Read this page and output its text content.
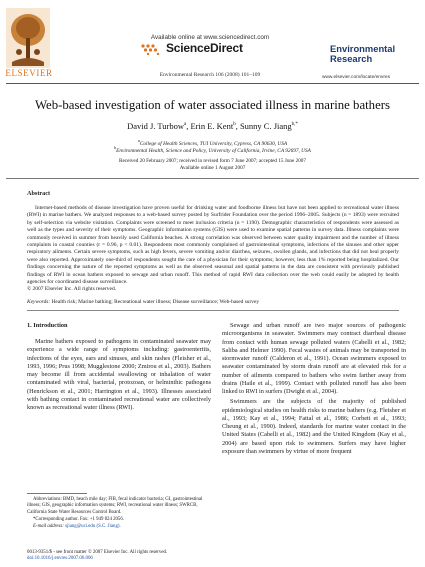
ELSEVIER
Available online at www.sciencedirect.com
ScienceDirect
Environmental Research 106 (2008) 101–109
Environmental
Research
www.elsevier.com/locate/envres
Web-based investigation of water associated illness in marine bathers
David J. Turbow$^a$, Erin E. Kent$^b$, Sunny C. Jiang$^{b,*}$
$^a$College of Health Sciences, TUI University, Cypress, CA 90630, USA
$^b$Environmental Health, Science and Policy, University of California, Irvine, CA 92697, USA
Received 20 February 2007; received in revised form 7 June 2007; accepted 15 June 2007
Available online 1 August 2007
Abstract
Internet-based methods of disease investigation have proven useful for drinking water and foodborne illness but have not been applied to recreational water illness (RWI) in marine bathers. We analyzed responses to a web-based survey posted by Surfrider Foundation over the period 1996–2005. Subjects (n = 1893) were recruited by self-selection via website visitation. Complaints were screened to meet inclusion criteria (n = 1190). Demographic characteristics of respondents were assessed as well as the types and severity of their symptoms. Geographic information systems (GIS) were used to examine spatial patterns in survey data. Illness complaints were commonly received in summer from heavily used California beaches. A strong correlation was observed between water quality impairment and the number of illness complaints in coastal counties (r = 0.96, p < 0.01). Respondents most commonly complained of gastrointestinal symptoms, infections of the sinuses and other upper respiratory ailments. Certain severe symptoms, such as high fevers, severe vomiting and/or diarrhea, seizures, swollen glands, and infections that did not heal properly were also reported. Approximately one-third of respondents sought the care of a physician for their symptoms; however, less than 1% reported being hospitalized. Our findings concerning the nature of the reported symptoms as well as the observed seasonal and spatial patterns in the data are consistent with previously published findings of RWI in ocean bathers exposed to sewage and urban runoff. This method of rapid RWI data collection over the web could easily be adopted by health agencies for coordinated disease surveillance.
© 2007 Elsevier Inc. All rights reserved.
Keywords: Health risk; Marine bathing; Recreational water illness; Disease surveillance; Web-based survey
1. Introduction
Marine bathers exposed to pathogens in contaminated seawater may experience a wide range of symptoms including: gastroenteritis, infections of the eyes, ears and sinuses, and skin rashes (Fleisher et al., 1993, 1996; Prus 1998; Mugglestone 2000; Zmirou et al., 2003). Bathers may become ill from accidental swallowing or inhalation of water contaminated with viral, bacterial, protozoan, or helminthic pathogens (Henrickson et al., 2001; Harrington et al., 1993). Illnesses associated with bathing contact in contaminated recreational water are collectively known as recreational water illness (RWI).

Sewage and urban runoff are two major sources of pathogenic microorganisms in seawater. Swimmers may contract diarrheal disease from contact with human sewage polluted waters (Cabelli et al., 1982; Saliba and Helmer 1990). Fecal wastes of animals may be transported in stormwater runoff (Calderon et al., 1991). Ocean swimmers exposed to seawater contaminated by storm drain runoff are at elevated risk for a number of ailments compared to bathers who swim farther away from drains (Haile et al., 1999). Contact with polluted runoff has also been linked to RWI in surfers (Dwight et al., 2004).

Swimmers are the subjects of the majority of published epidemiological studies on health risks to marine bathers (e.g. Fleisher et al., 1993; Kay et al., 1994; Fattal et al., 1986; Corbett et al., 1993; Cheung et al., 1990). Indeed, standards for marine water contact in the United States (Cabelli et al., 1982) and the United Kingdom (Kay et al., 2004) are based upon risk to swimmers. Surfers may have higher exposure than swimmers by virtue of more frequent

Abbreviations: BMD, beach mile day; FIB, fecal indicator bacteria; GI, gastrointestinal illness; GIS, geographic information systems; RWI, recreational water illness; SWRCB, California State Water Resources Control Board.

*Corresponding author. Fax: +1 949 824 2056.

E-mail address: sjiang@uci.edu (S.C. Jiang).

0013-9351/$ - see front matter © 2007 Elsevier Inc. All rights reserved.
doi:10.1016/j.envres.2007.06.006
